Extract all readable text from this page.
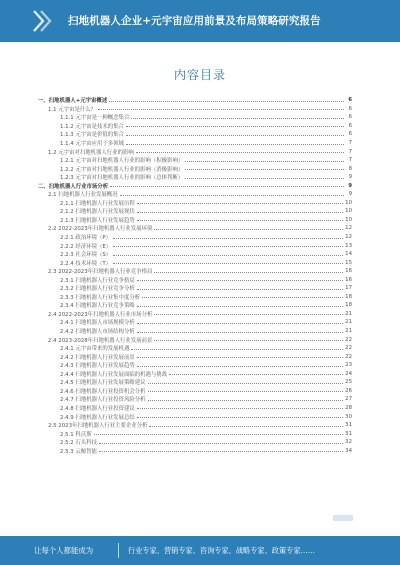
扫地机器人企业+元宇宙应用前景及布局策略研究报告
内容目录
一、扫地机器人+元宇宙概述	6
1.1 元宇宙是什么？	6
1.1.1 元宇宙是一种概念集合	6
1.1.2 元宇宙是技术的集合	6
1.1.3 元宇宙是价值的集合	6
1.1.4 元宇宙应用于多领域	7
1.2 元宇宙对扫地机器人行业的影响	7
1.2.1 元宇宙对扫地机器人行业的影响（积极影响）	7
1.2.2 元宇宙对扫地机器人行业的影响（消极影响）	8
1.2.3 元宇宙对扫地机器人行业的影响（总体判断）	9
二、扫地机器人行业市场分析	9
2.1 扫地机器人行业发展概况	9
2.1.1 扫地机器人行业发展历程	10
2.1.2 扫地机器人行业发展现状	10
2.1.3 扫地机器人行业发展趋势	10
2.2 2022-2023年扫地机器人行业发展环境	12
2.2.1 政治环境（P）	12
2.2.2 经济环境（E）	13
2.2.3 社会环境（S）	14
2.2.4 技术环境（T）	15
2.3 2022-2023年扫地机器人行业竞争格局	16
2.3.1 扫地机器人行业竞争格局	16
2.3.2 扫地机器人行业竞争分析	17
2.3.3 扫地机器人行业集中度分析	18
2.3.4 扫地机器人行业竞争策略	18
2.4 2022-2023年扫地机器人行业市场分析	21
2.4.1 扫地机器人市场规模分析	21
2.4.2 扫地机器人市场结构分析	21
2.4 2023-2028年扫地机器人行业发展前景	22
2.4.1 元宇宙带来的发展机遇	22
2.4.2 扫地机器人行业发展前景	22
2.4.3 扫地机器人行业发展趋势	23
2.4.4 扫地机器人行业发展面临的机遇与挑战	24
2.4.5 扫地机器人行业发展策略建议	25
2.4.6 扫地机器人行业投资机会分析	26
2.4.7 扫地机器人行业投资风险分析	27
2.4.8 扫地机器人行业投资建议	28
2.4.9 扫地机器人行业发展总结	30
2.5 2023年扫地机器人行业主要企业分析	31
2.5.1 科沃斯	31
2.5.2 石头科技	32
2.5.3 云鲸智能	34
让每个人都能成为	行业专家、营销专家、咨询专家、战略专家、政策专家……
